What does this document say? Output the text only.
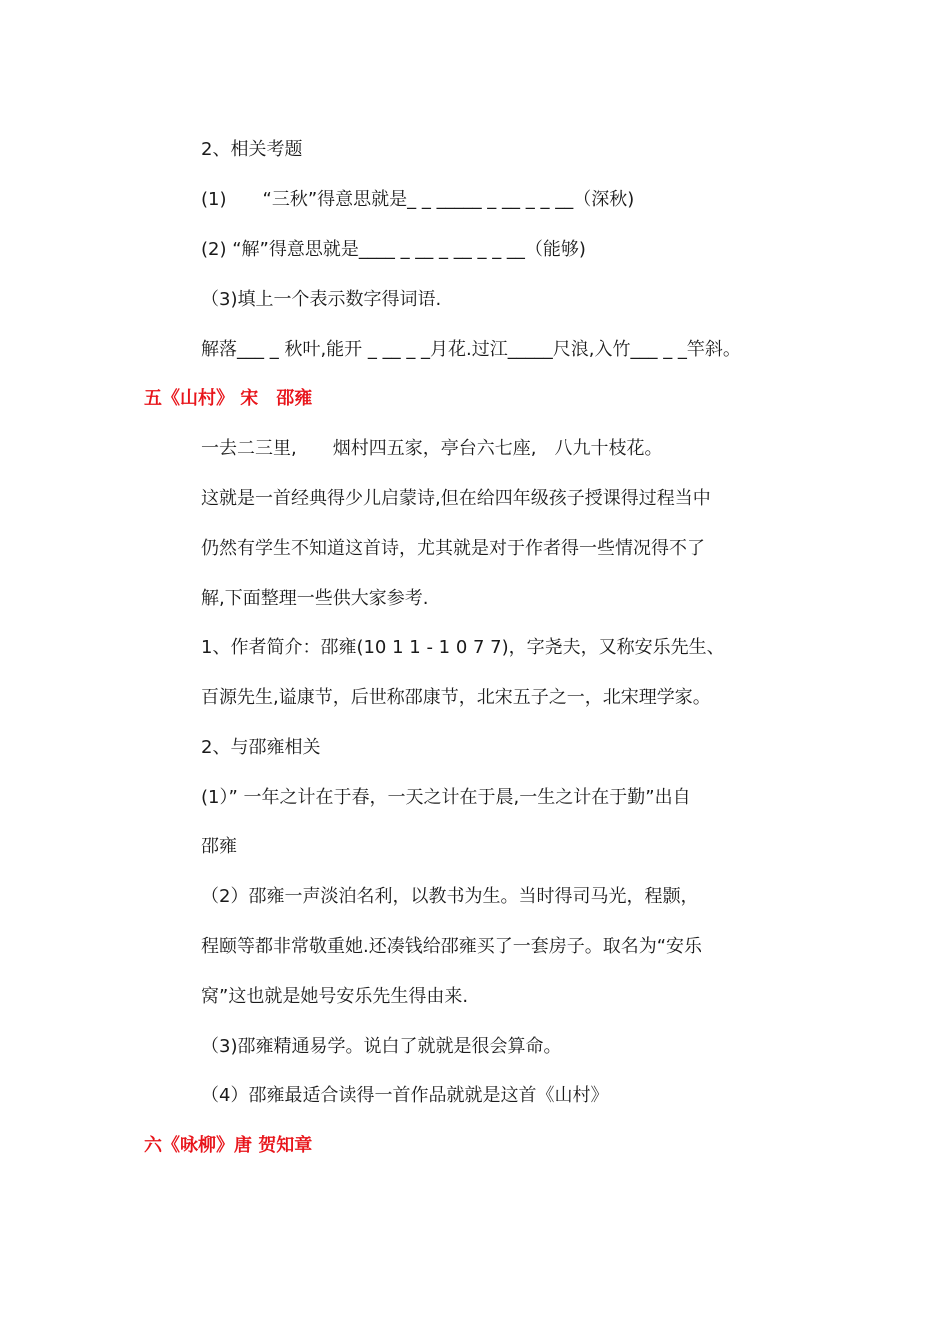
2、相关考题
(1)　　“三秋”得意思就是_ _ _____ _ __ _ _ __（深秋)
(2) “解”得意思就是____ _ __ _ __ _ _ __（能够)
（3)填上一个表示数字得词语.
解落___ _ 秋叶,能开 _ __ _ _月花.过江_____尺浪,入竹___ _ _竿斜。
五《山村》 宋　邵雍
一去二三里,　　烟村四五家，亭台六七座,　八九十枝花。
这就是一首经典得少儿启蒙诗,但在给四年级孩子授课得过程当中
仍然有学生不知道这首诗，尤其就是对于作者得一些情况得不了
解,下面整理一些供大家参考.
1、作者简介：邵雍(10 1 1 - 1 0 7 7)，字尧夫，又称安乐先生、
百源先生,谥康节，后世称邵康节，北宋五子之一，北宋理学家。
2、与邵雍相关
(1）” 一年之计在于春，一天之计在于晨,一生之计在于勤”出自
邵雍
（2）邵雍一声淡泊名利，以教书为生。当时得司马光，程颢，
程颐等都非常敬重她.还凑钱给邵雍买了一套房子。取名为“安乐
窝”这也就是她号安乐先生得由来.
（3)邵雍精通易学。说白了就就是很会算命。
（4）邵雍最适合读得一首作品就就是这首《山村》
六《咏柳》唐 贺知章
